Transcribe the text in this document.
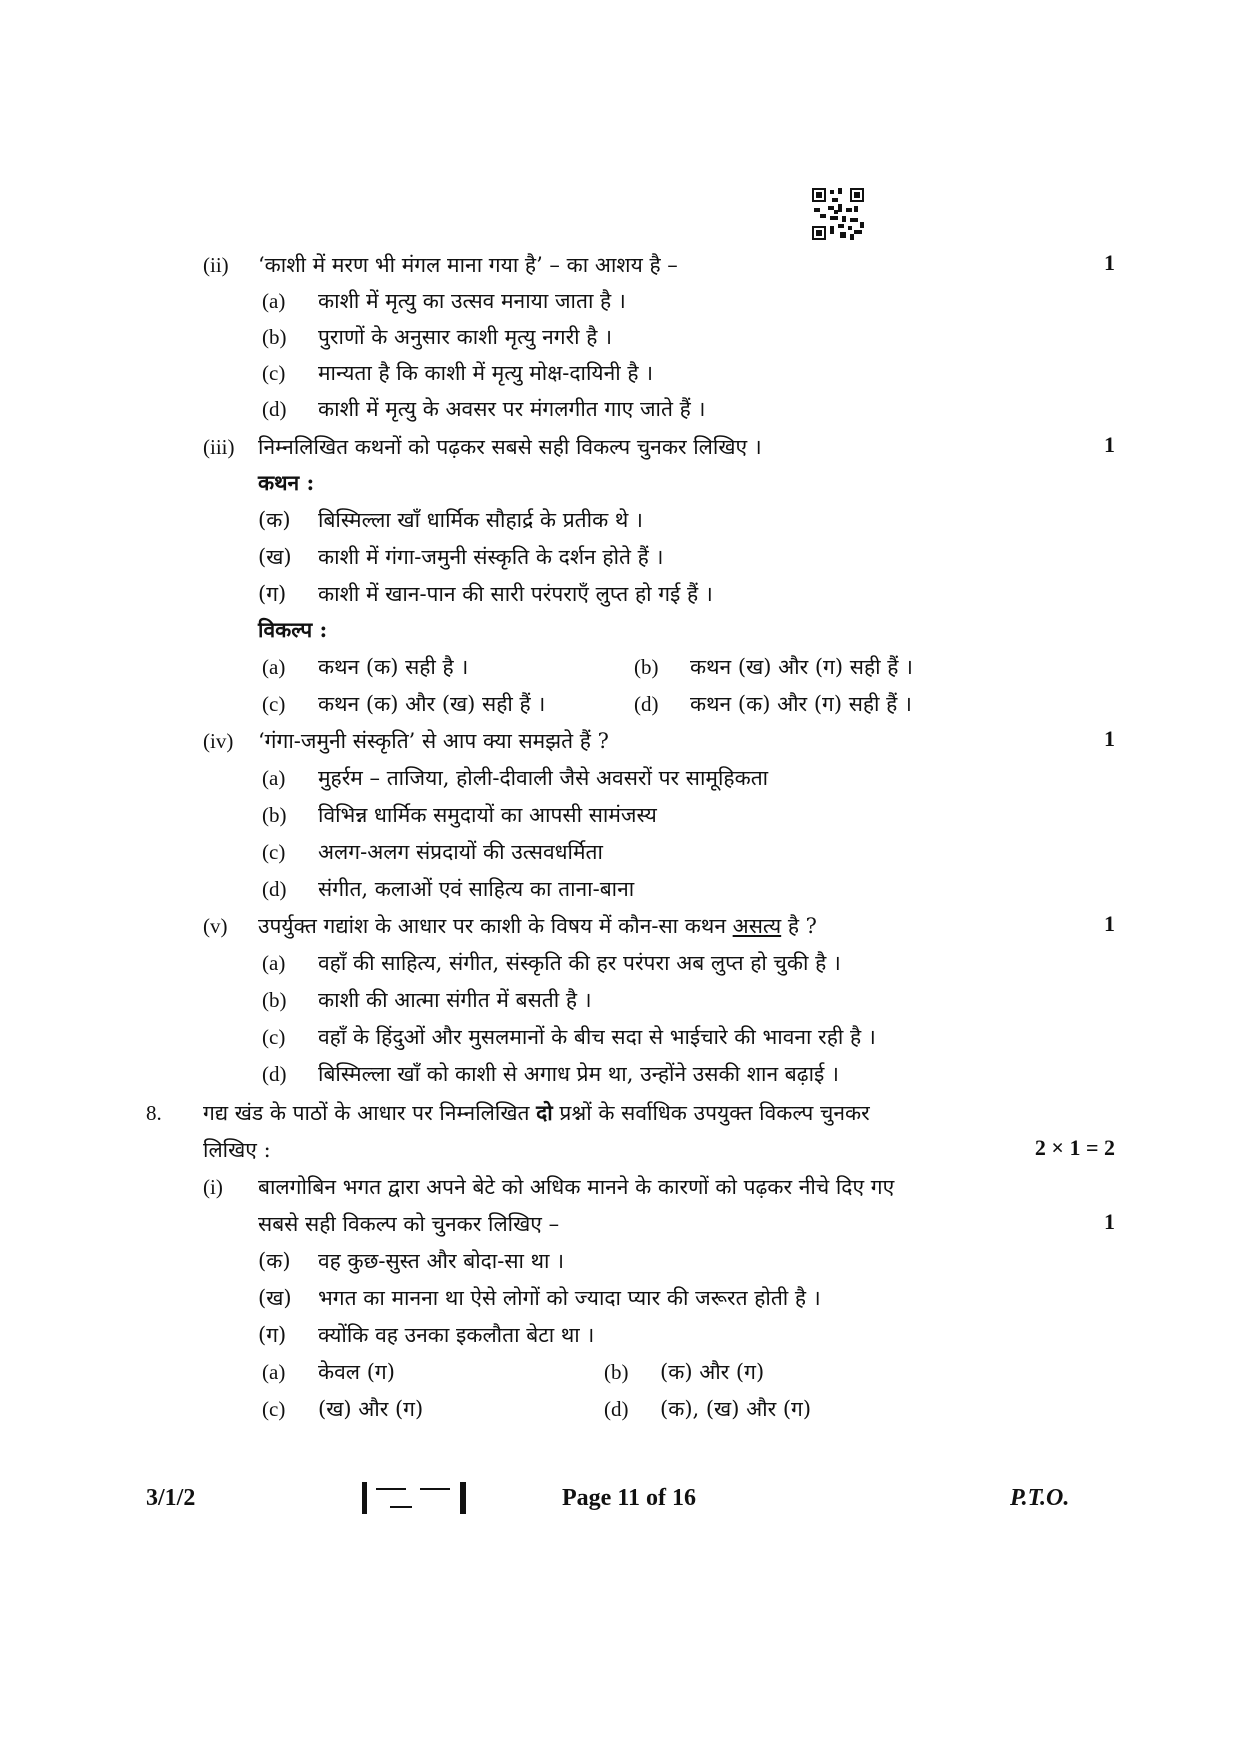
(ii) ‘काशी में मरण भी मंगल माना गया है’ – का आशय है –	1
(a) काशी में मृत्यु का उत्सव मनाया जाता है ।
(b) पुराणों के अनुसार काशी मृत्यु नगरी है ।
(c) मान्यता है कि काशी में मृत्यु मोक्ष-दायिनी है ।
(d) काशी में मृत्यु के अवसर पर मंगलगीत गाए जाते हैं ।
(iii) निम्नलिखित कथनों को पढ़कर सबसे सही विकल्प चुनकर लिखिए ।	1
कथन :
(क) बिस्मिल्ला खाँ धार्मिक सौहार्द्र के प्रतीक थे ।
(ख) काशी में गंगा-जमुनी संस्कृति के दर्शन होते हैं ।
(ग) काशी में खान-पान की सारी परंपराएँ लुप्त हो गई हैं ।
विकल्प :
(a) कथन (क) सही है ।	(b) कथन (ख) और (ग) सही हैं ।
(c) कथन (क) और (ख) सही हैं ।	(d) कथन (क) और (ग) सही हैं ।
(iv) ‘गंगा-जमुनी संस्कृति’ से आप क्या समझते हैं ?	1
(a) मुहर्रम – ताजिया, होली-दीवाली जैसे अवसरों पर सामूहिकता
(b) विभिन्न धार्मिक समुदायों का आपसी सामंजस्य
(c) अलग-अलग संप्रदायों की उत्सवधर्मिता
(d) संगीत, कलाओं एवं साहित्य का ताना-बाना
(v) उपर्युक्त गद्यांश के आधार पर काशी के विषय में कौन-सा कथन असत्य है ?	1
(a) वहाँ की साहित्य, संगीत, संस्कृति की हर परंपरा अब लुप्त हो चुकी है ।
(b) काशी की आत्मा संगीत में बसती है ।
(c) वहाँ के हिंदुओं और मुसलमानों के बीच सदा से भाईचारे की भावना रही है ।
(d) बिस्मिल्ला खाँ को काशी से अगाध प्रेम था, उन्होंने उसकी शान बढ़ाई ।
8. गद्य खंड के पाठों के आधार पर निम्नलिखित दो प्रश्नों के सर्वाधिक उपयुक्त विकल्प चुनकर
लिखिए :	2 × 1 = 2
(i) बालगोबिन भगत द्वारा अपने बेटे को अधिक मानने के कारणों को पढ़कर नीचे दिए गए
सबसे सही विकल्प को चुनकर लिखिए –	1
(क) वह कुछ-सुस्त और बोदा-सा था ।
(ख) भगत का मानना था ऐसे लोगों को ज्यादा प्यार की जरूरत होती है ।
(ग) क्योंकि वह उनका इकलौता बेटा था ।
(a) केवल (ग)	(b) (क) और (ग)
(c) (ख) और (ग)	(d) (क), (ख) और (ग)
3/1/2	Page 11 of 16	P.T.O.
